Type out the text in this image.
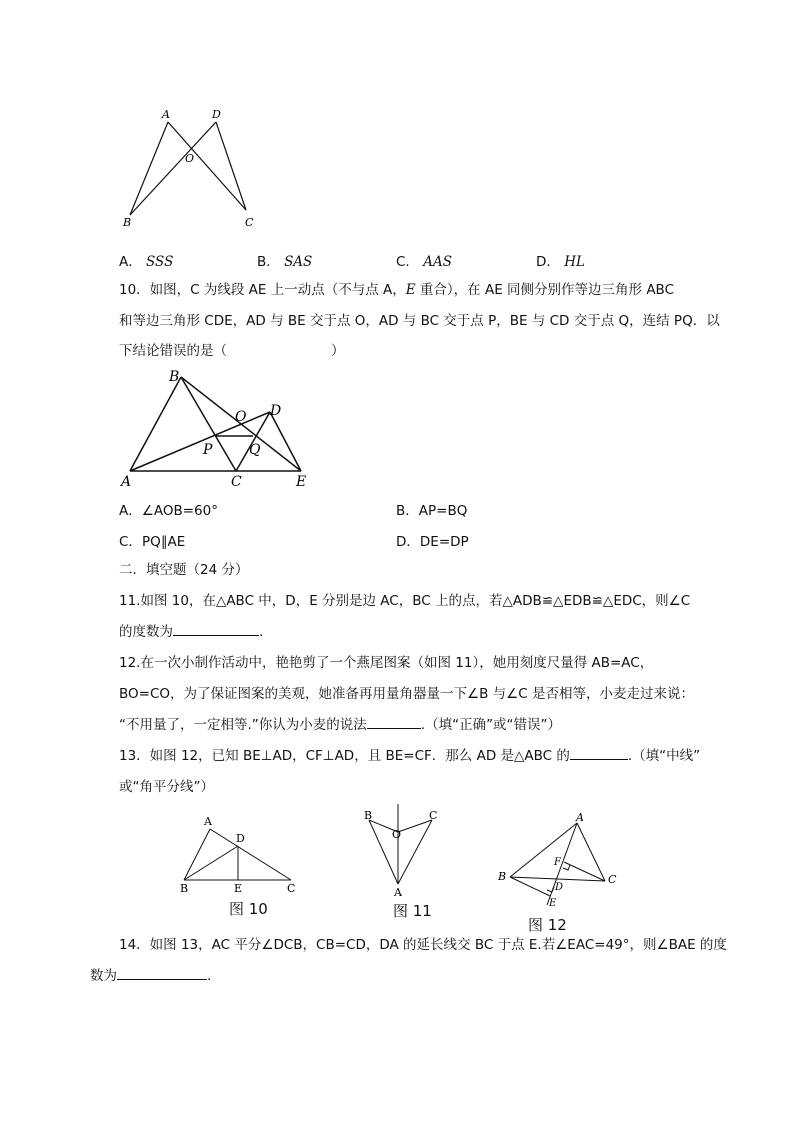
A	D
O
B	C
A． SSS	B． SAS	C． AAS	D． HL
10．如图，C 为线段 AE 上一动点（不与点 A，E 重合），在 AE 同侧分别作等边三角形 ABC
和等边三角形 CDE，AD 与 BE 交于点 O，AD 与 BC 交于点 P，BE 与 CD 交于点 Q，连结 PQ．以
下结论错误的是（	）
B
O D
P	Q
A	C	E
A．∠AOB=60°	B．AP=BQ
C．PQ∥AE	D．DE=DP
二．填空题（24 分）
11.如图 10，在△ABC 中，D，E 分别是边 AC，BC 上的点，若△ADB≌△EDB≌△EDC，则∠C
的度数为	.
12.在一次小制作活动中，艳艳剪了一个燕尾图案（如图 11），她用刻度尺量得 AB=AC，
BO=CO，为了保证图案的美观，她准备再用量角器量一下∠B 与∠C 是否相等，小麦走过来说：
“不用量了，一定相等.”你认为小麦的说法	.（填“正确”或“错误”）
13．如图 12，已知 BE⊥AD，CF⊥AD，且 BE=CF．那么 AD 是△ABC 的	.（填“中线”
或“角平分线”）
A
D
B	E	C
图 10
B	C
O
A
图 11
A
F
B	C
D
E
图 12
14．如图 13，AC 平分∠DCB，CB=CD，DA 的延长线交 BC 于点 E.若∠EAC=49°，则∠BAE 的度
数为	.
